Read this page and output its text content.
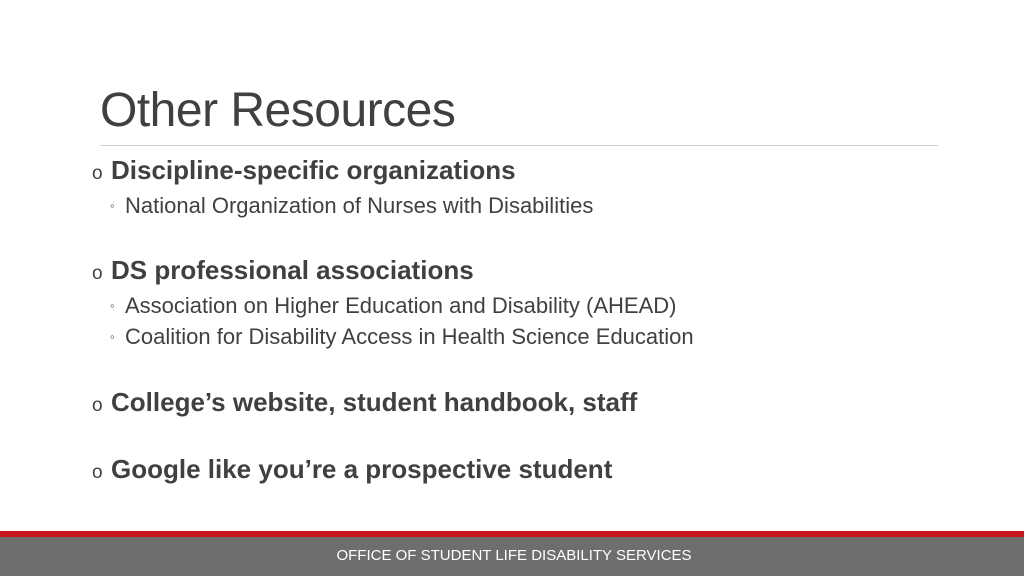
Other Resources
o Discipline-specific organizations
◦ National Organization of Nurses with Disabilities
o DS professional associations
◦ Association on Higher Education and Disability (AHEAD)
◦ Coalition for Disability Access in Health Science Education
o College’s website, student handbook, staff
o Google like you’re a prospective student
OFFICE OF STUDENT LIFE DISABILITY SERVICES
